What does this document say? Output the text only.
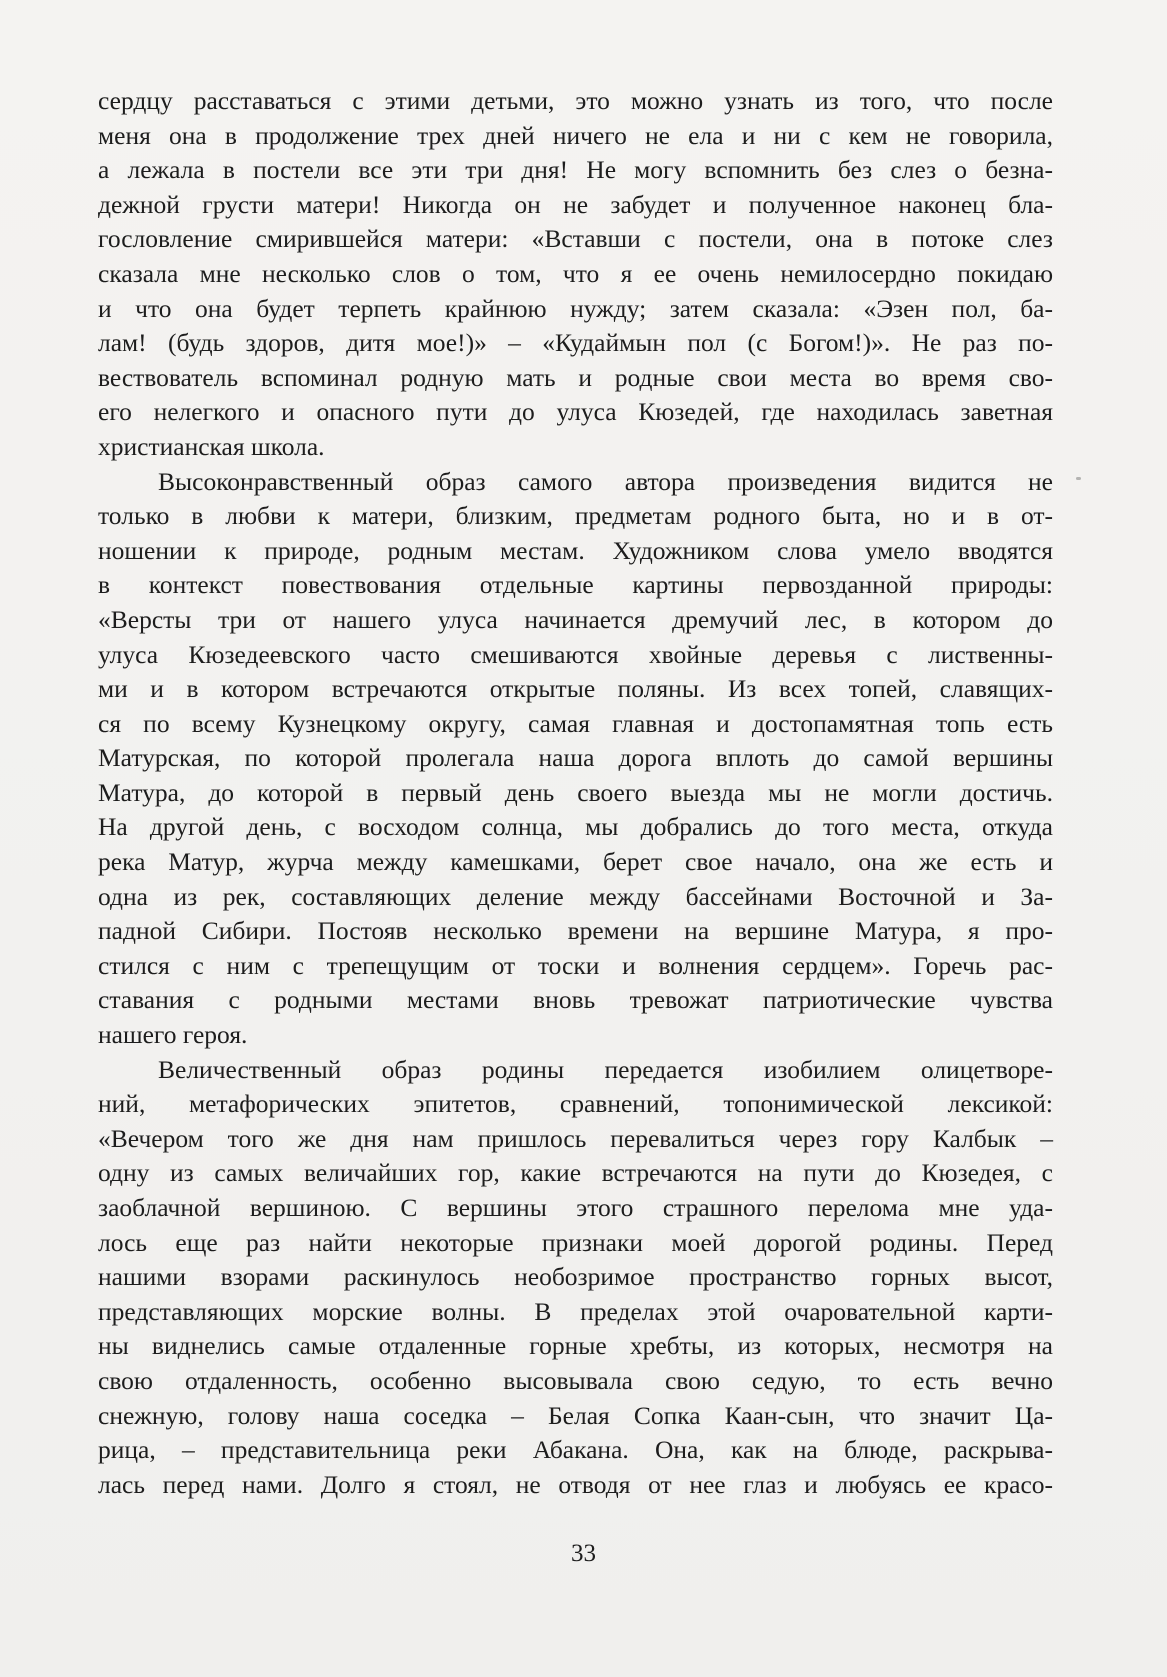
сердцу расставаться с этими детьми, это можно узнать из того, что после
меня она в продолжение трех дней ничего не ела и ни с кем не говорила,
а лежала в постели все эти три дня! Не могу вспомнить без слез о безна-
дежной грусти матери! Никогда он не забудет и полученное наконец бла-
гословление смирившейся матери: «Вставши с постели, она в потоке слез
сказала мне несколько слов о том, что я ее очень немилосердно покидаю
и что она будет терпеть крайнюю нужду; затем сказала: «Эзен пол, ба-
лам! (будь здоров, дитя мое!)» – «Кудаймын пол (с Богом!)». Не раз по-
вествователь вспоминал родную мать и родные свои места во время сво-
его нелегкого и опасного пути до улуса Кюзедей, где находилась заветная
христианская школа.
Высоконравственный образ самого автора произведения видится не
только в любви к матери, близким, предметам родного быта, но и в от-
ношении к природе, родным местам. Художником слова умело вводятся
в контекст повествования отдельные картины первозданной природы:
«Версты три от нашего улуса начинается дремучий лес, в котором до
улуса Кюзедеевского часто смешиваются хвойные деревья с лиственны-
ми и в котором встречаются открытые поляны. Из всех топей, славящих-
ся по всему Кузнецкому округу, самая главная и достопамятная топь есть
Матурская, по которой пролегала наша дорога вплоть до самой вершины
Матура, до которой в первый день своего выезда мы не могли достичь.
На другой день, с восходом солнца, мы добрались до того места, откуда
река Матур, журча между камешками, берет свое начало, она же есть и
одна из рек, составляющих деление между бассейнами Восточной и За-
падной Сибири. Постояв несколько времени на вершине Матура, я про-
стился с ним с трепещущим от тоски и волнения сердцем». Горечь рас-
ставания с родными местами вновь тревожат патриотические чувства
нашего героя.
Величественный образ родины передается изобилием олицетворе-
ний, метафорических эпитетов, сравнений, топонимической лексикой:
«Вечером того же дня нам пришлось перевалиться через гору Калбык –
одну из самых величайших гор, какие встречаются на пути до Кюзедея, с
заоблачной вершиною. С вершины этого страшного перелома мне уда-
лось еще раз найти некоторые признаки моей дорогой родины. Перед
нашими взорами раскинулось необозримое пространство горных высот,
представляющих морские волны. В пределах этой очаровательной карти-
ны виднелись самые отдаленные горные хребты, из которых, несмотря на
свою отдаленность, особенно высовывала свою седую, то есть вечно
снежную, голову наша соседка – Белая Сопка Каан-сын, что значит Ца-
рица, – представительница реки Абакана. Она, как на блюде, раскрыва-
лась перед нами. Долго я стоял, не отводя от нее глаз и любуясь ее красо-
33
